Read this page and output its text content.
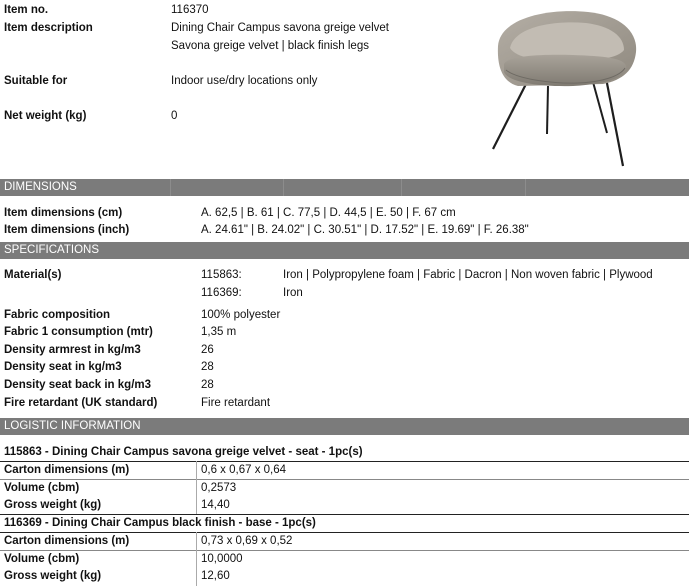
Item no.	116370
Item description	Dining Chair Campus savona greige velvet
Savona greige velvet | black finish legs
Suitable for	Indoor use/dry locations only
Net weight (kg)	0
DIMENSIONS
Item dimensions (cm)	A. 62,5 | B. 61 | C. 77,5 | D. 44,5 | E. 50 | F. 67 cm
Item dimensions (inch)	A. 24.61" | B. 24.02" | C. 30.51" | D. 17.52" | E. 19.69" | F. 26.38"
SPECIFICATIONS
Material(s)	115863:	Iron | Polypropylene foam | Fabric | Dacron | Non woven fabric | Plywood
116369:	Iron
Fabric composition	100% polyester
Fabric 1 consumption (mtr)	1,35 m
Density armrest in kg/m3	26
Density seat in kg/m3	28
Density seat back in kg/m3	28
Fire retardant (UK standard)	Fire retardant
LOGISTIC INFORMATION
115863 - Dining Chair Campus savona greige velvet - seat - 1pc(s)
Carton dimensions (m)	0,6 x 0,67 x 0,64
Volume (cbm)	0,2573
Gross weight (kg)	14,40
116369 - Dining Chair Campus black finish - base - 1pc(s)
Carton dimensions (m)	0,73 x 0,69 x 0,52
Volume (cbm)	10,0000
Gross weight (kg)	12,60
